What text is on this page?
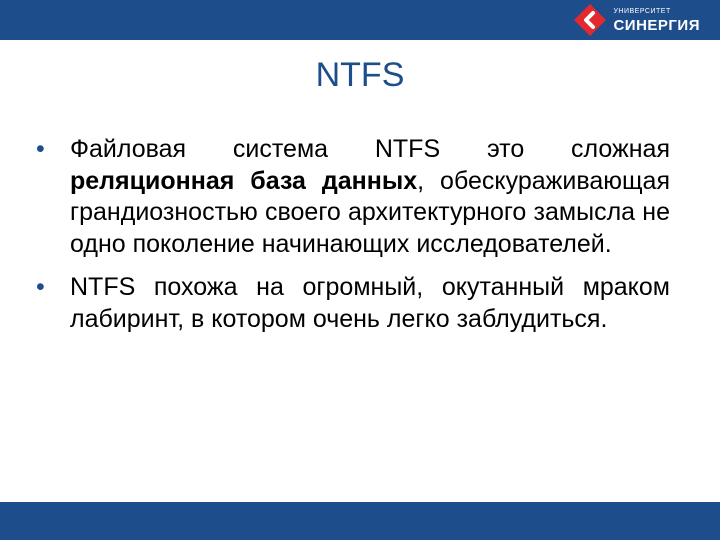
УНИВЕРСИТЕТ
СИНЕРГИЯ
NTFS
• Файловая система NTFS это сложная реляционная база данных, обескураживающая грандиозностью своего архитектурного замысла не одно поколение начинающих исследователей.
• NTFS похожа на огромный, окутанный мраком лабиринт, в котором очень легко заблудиться.
